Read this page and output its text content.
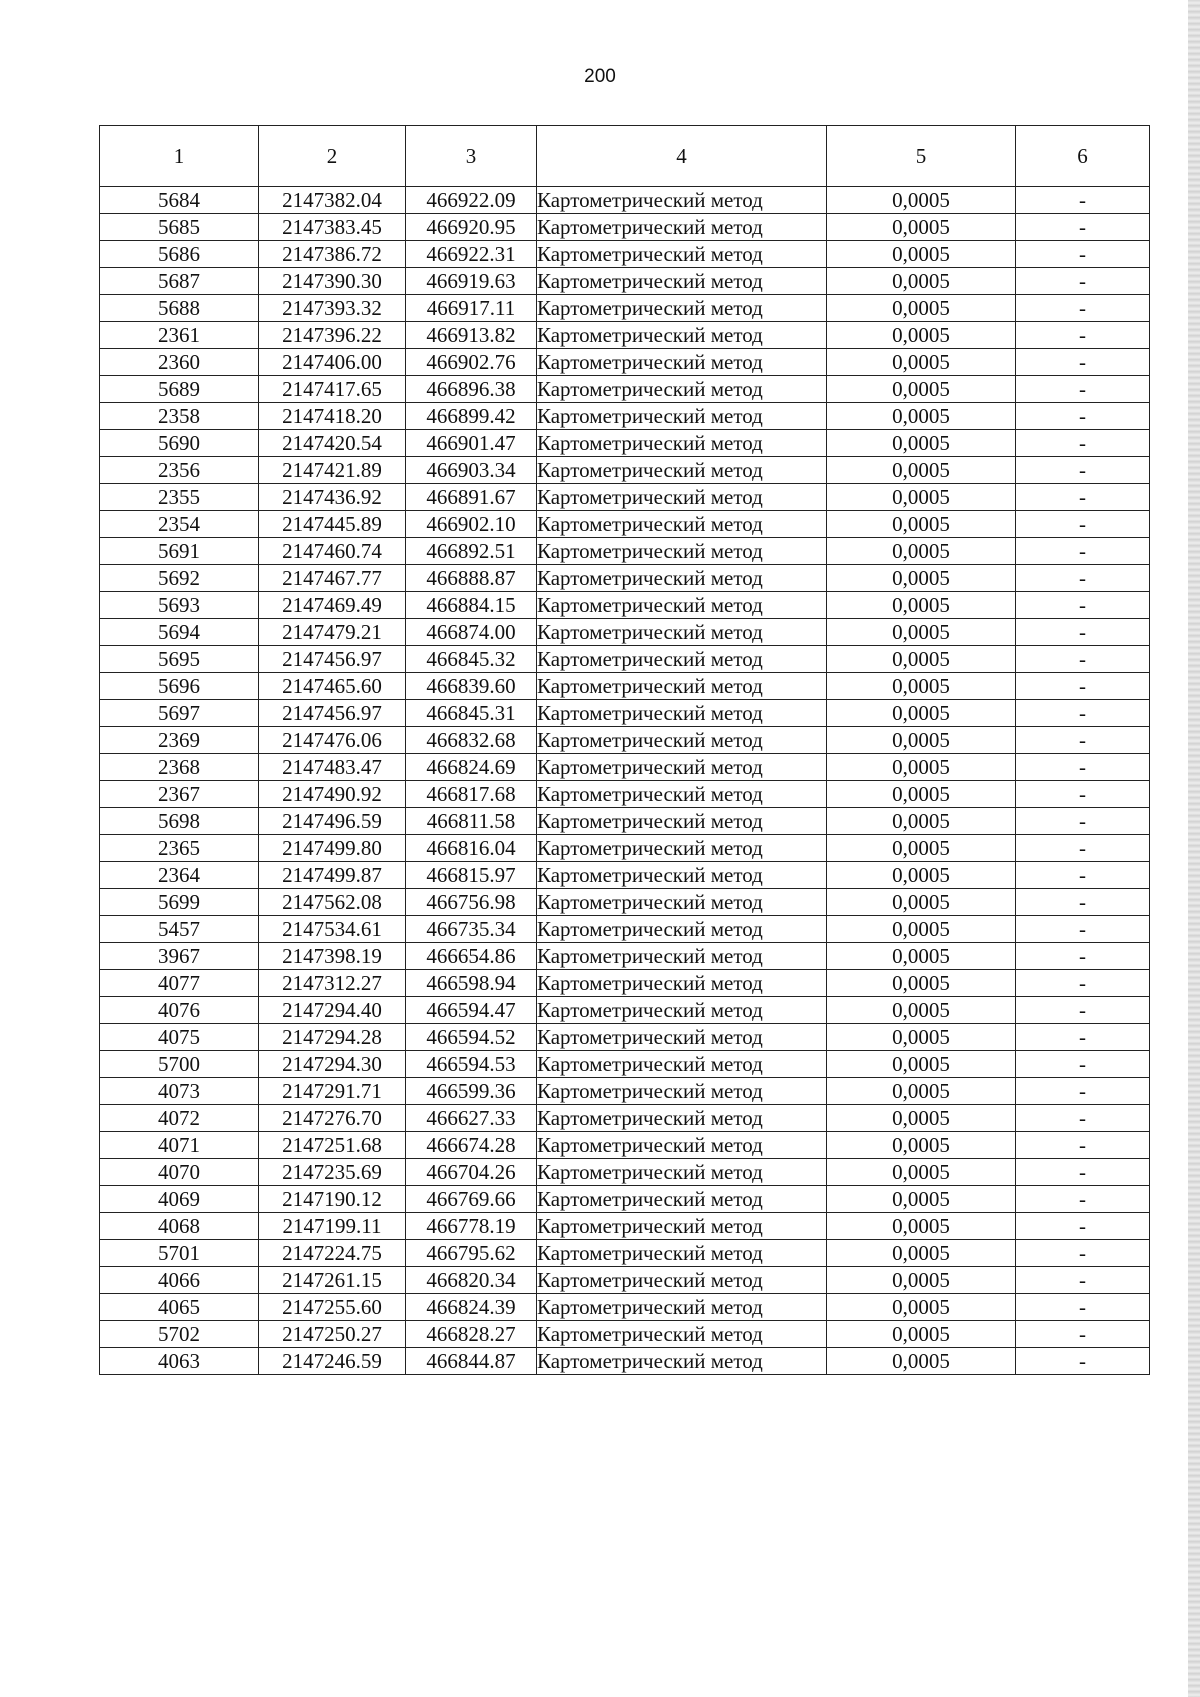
200
1	2	3	4	5	6
5684	2147382.04	466922.09	Картометрический метод	0,0005	-
5685	2147383.45	466920.95	Картометрический метод	0,0005	-
5686	2147386.72	466922.31	Картометрический метод	0,0005	-
5687	2147390.30	466919.63	Картометрический метод	0,0005	-
5688	2147393.32	466917.11	Картометрический метод	0,0005	-
2361	2147396.22	466913.82	Картометрический метод	0,0005	-
2360	2147406.00	466902.76	Картометрический метод	0,0005	-
5689	2147417.65	466896.38	Картометрический метод	0,0005	-
2358	2147418.20	466899.42	Картометрический метод	0,0005	-
5690	2147420.54	466901.47	Картометрический метод	0,0005	-
2356	2147421.89	466903.34	Картометрический метод	0,0005	-
2355	2147436.92	466891.67	Картометрический метод	0,0005	-
2354	2147445.89	466902.10	Картометрический метод	0,0005	-
5691	2147460.74	466892.51	Картометрический метод	0,0005	-
5692	2147467.77	466888.87	Картометрический метод	0,0005	-
5693	2147469.49	466884.15	Картометрический метод	0,0005	-
5694	2147479.21	466874.00	Картометрический метод	0,0005	-
5695	2147456.97	466845.32	Картометрический метод	0,0005	-
5696	2147465.60	466839.60	Картометрический метод	0,0005	-
5697	2147456.97	466845.31	Картометрический метод	0,0005	-
2369	2147476.06	466832.68	Картометрический метод	0,0005	-
2368	2147483.47	466824.69	Картометрический метод	0,0005	-
2367	2147490.92	466817.68	Картометрический метод	0,0005	-
5698	2147496.59	466811.58	Картометрический метод	0,0005	-
2365	2147499.80	466816.04	Картометрический метод	0,0005	-
2364	2147499.87	466815.97	Картометрический метод	0,0005	-
5699	2147562.08	466756.98	Картометрический метод	0,0005	-
5457	2147534.61	466735.34	Картометрический метод	0,0005	-
3967	2147398.19	466654.86	Картометрический метод	0,0005	-
4077	2147312.27	466598.94	Картометрический метод	0,0005	-
4076	2147294.40	466594.47	Картометрический метод	0,0005	-
4075	2147294.28	466594.52	Картометрический метод	0,0005	-
5700	2147294.30	466594.53	Картометрический метод	0,0005	-
4073	2147291.71	466599.36	Картометрический метод	0,0005	-
4072	2147276.70	466627.33	Картометрический метод	0,0005	-
4071	2147251.68	466674.28	Картометрический метод	0,0005	-
4070	2147235.69	466704.26	Картометрический метод	0,0005	-
4069	2147190.12	466769.66	Картометрический метод	0,0005	-
4068	2147199.11	466778.19	Картометрический метод	0,0005	-
5701	2147224.75	466795.62	Картометрический метод	0,0005	-
4066	2147261.15	466820.34	Картометрический метод	0,0005	-
4065	2147255.60	466824.39	Картометрический метод	0,0005	-
5702	2147250.27	466828.27	Картометрический метод	0,0005	-
4063	2147246.59	466844.87	Картометрический метод	0,0005	-
